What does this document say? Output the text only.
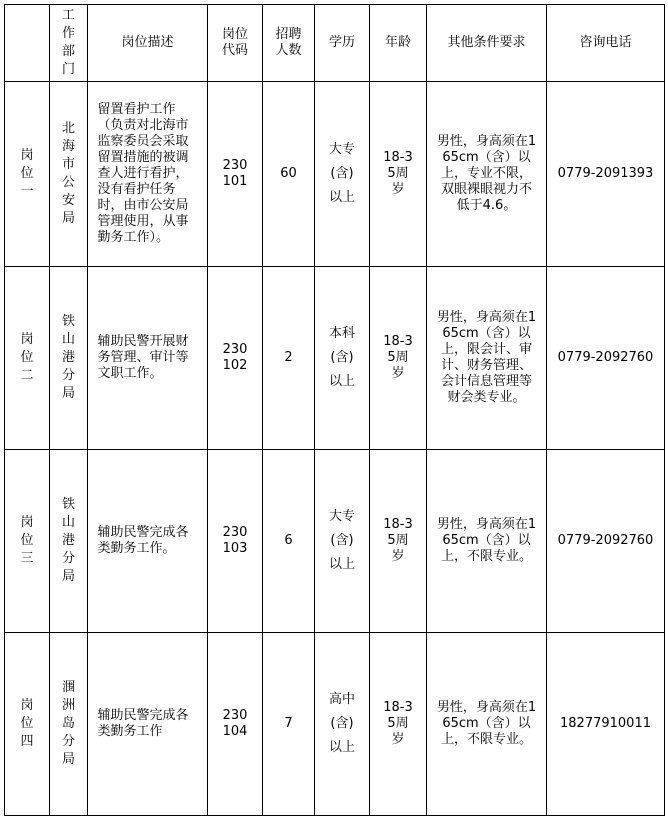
	工作部门	岗位描述	岗位代码	招聘人数	学历	年龄	其他条件要求	咨询电话
岗位一	北海市公安局	留置看护工作（负责对北海市监察委员会采取留置措施的被调查人进行看护，没有看护任务时，由市公安局管理使用，从事勤务工作）。	230101	60	大专(含)以上	18-35周岁	男性，身高须在165cm（含）以上，专业不限，双眼裸眼视力不低于4.6。	0779-2091393
岗位二	铁山港分局	辅助民警开展财务管理、审计等文职工作。	230102	2	本科(含)以上	18-35周岁	男性，身高须在165cm（含）以上，限会计、审计、财务管理、会计信息管理等财会类专业。	0779-2092760
岗位三	铁山港分局	辅助民警完成各类勤务工作。	230103	6	大专(含)以上	18-35周岁	男性，身高须在165cm（含）以上，不限专业。	0779-2092760
岗位四	涠洲岛分局	辅助民警完成各类勤务工作	230104	7	高中(含)以上	18-35周岁	男性，身高须在165cm（含）以上，不限专业。	18277910011
